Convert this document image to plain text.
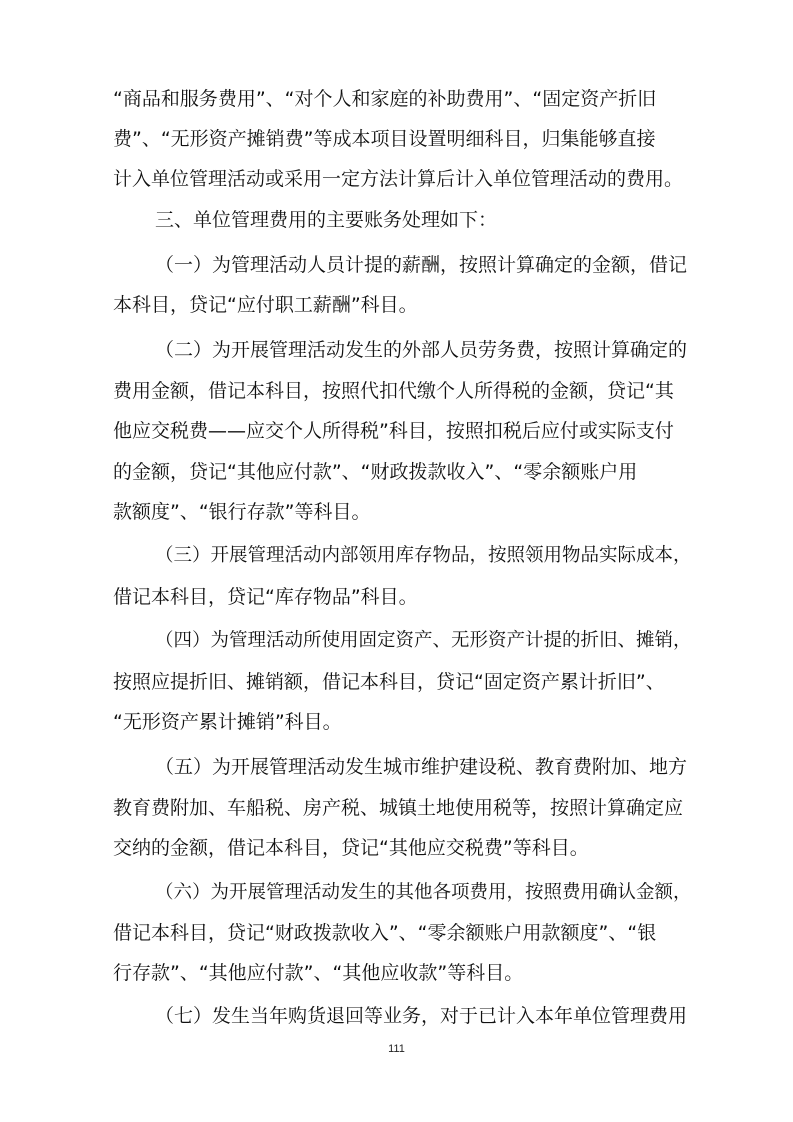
“商品和服务费用”、“对个人和家庭的补助费用”、“固定资产折旧
费”、“无形资产摊销费”等成本项目设置明细科目，归集能够直接
计入单位管理活动或采用一定方法计算后计入单位管理活动的费用。
三、单位管理费用的主要账务处理如下：
（一）为管理活动人员计提的薪酬，按照计算确定的金额，借记
本科目，贷记“应付职工薪酬”科目。
（二）为开展管理活动发生的外部人员劳务费，按照计算确定的
费用金额，借记本科目，按照代扣代缴个人所得税的金额，贷记“其
他应交税费——应交个人所得税”科目，按照扣税后应付或实际支付
的金额，贷记“其他应付款”、“财政拨款收入”、“零余额账户用
款额度”、“银行存款”等科目。
（三）开展管理活动内部领用库存物品，按照领用物品实际成本，
借记本科目，贷记“库存物品”科目。
（四）为管理活动所使用固定资产、无形资产计提的折旧、摊销，
按照应提折旧、摊销额，借记本科目，贷记“固定资产累计折旧”、
“无形资产累计摊销”科目。
（五）为开展管理活动发生城市维护建设税、教育费附加、地方
教育费附加、车船税、房产税、城镇土地使用税等，按照计算确定应
交纳的金额，借记本科目，贷记“其他应交税费”等科目。
（六）为开展管理活动发生的其他各项费用，按照费用确认金额，
借记本科目，贷记“财政拨款收入”、“零余额账户用款额度”、“银
行存款”、“其他应付款”、“其他应收款”等科目。
（七）发生当年购货退回等业务，对于已计入本年单位管理费用
111
